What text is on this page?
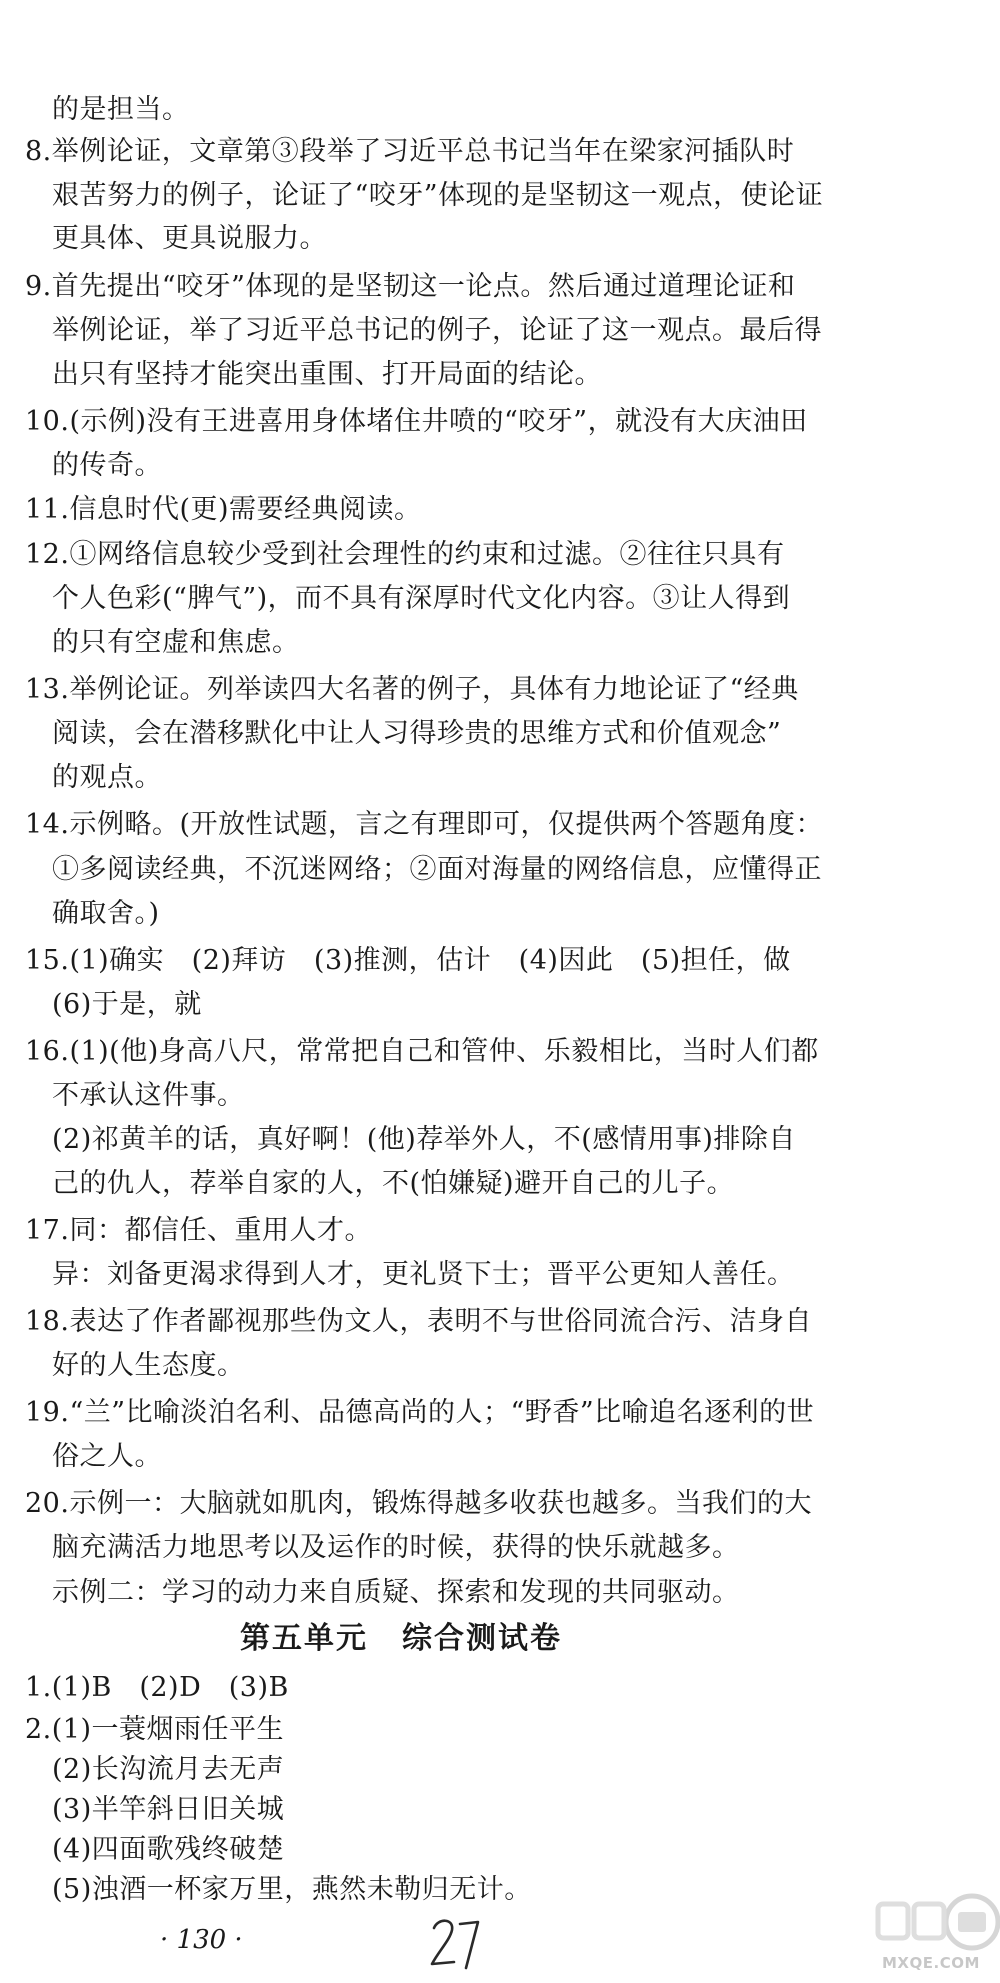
的是担当。
8.举例论证，文章第③段举了习近平总书记当年在梁家河插队时
艰苦努力的例子，论证了“咬牙”体现的是坚韧这一观点，使论证
更具体、更具说服力。
9.首先提出“咬牙”体现的是坚韧这一论点。然后通过道理论证和
举例论证，举了习近平总书记的例子，论证了这一观点。最后得
出只有坚持才能突出重围、打开局面的结论。
10.(示例)没有王进喜用身体堵住井喷的“咬牙”，就没有大庆油田
的传奇。
11.信息时代(更)需要经典阅读。
12.①网络信息较少受到社会理性的约束和过滤。②往往只具有
个人色彩(“脾气”)，而不具有深厚时代文化内容。③让人得到
的只有空虚和焦虑。
13.举例论证。列举读四大名著的例子，具体有力地论证了“经典
阅读，会在潜移默化中让人习得珍贵的思维方式和价值观念”
的观点。
14.示例略。(开放性试题，言之有理即可，仅提供两个答题角度：
①多阅读经典，不沉迷网络；②面对海量的网络信息，应懂得正
确取舍。)
15.(1)确实　(2)拜访　(3)推测，估计　(4)因此　(5)担任，做
(6)于是，就
16.(1)(他)身高八尺，常常把自己和管仲、乐毅相比，当时人们都
不承认这件事。
(2)祁黄羊的话，真好啊！(他)荐举外人，不(感情用事)排除自
己的仇人，荐举自家的人，不(怕嫌疑)避开自己的儿子。
17.同：都信任、重用人才。
异：刘备更渴求得到人才，更礼贤下士；晋平公更知人善任。
18.表达了作者鄙视那些伪文人，表明不与世俗同流合污、洁身自
好的人生态度。
19.“兰”比喻淡泊名利、品德高尚的人；“野香”比喻追名逐利的世
俗之人。
20.示例一：大脑就如肌肉，锻炼得越多收获也越多。当我们的大
脑充满活力地思考以及运作的时候，获得的快乐就越多。
示例二：学习的动力来自质疑、探索和发现的共同驱动。
第五单元 综合测试卷
1.(1)B　(2)D　(3)B
2.(1)一蓑烟雨任平生
(2)长沟流月去无声
(3)半竿斜日旧关城
(4)四面歌残终破楚
(5)浊酒一杯家万里，燕然未勒归无计。
· 130 ·
MXQE.COM
